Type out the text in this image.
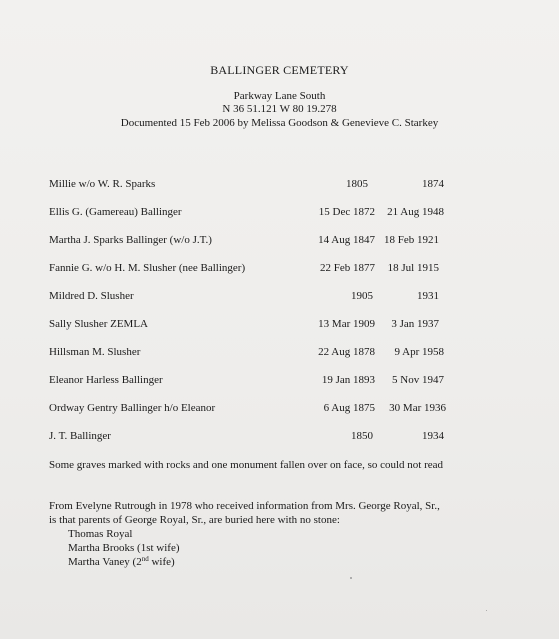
BALLINGER CEMETERY
Parkway Lane South
N 36 51.121 W 80 19.278
Documented 15 Feb 2006 by Melissa Goodson & Genevieve C. Starkey
Millie w/o W. R. Sparks	1805	1874
Ellis G. (Gamereau) Ballinger	15 Dec 1872 21 Aug 1948
Martha J. Sparks Ballinger (w/o J.T.)	14 Aug 1847 18 Feb 1921
Fannie G. w/o H. M. Slusher (nee Ballinger)	22 Feb 1877 18 Jul 1915
Mildred D. Slusher	1905	1931
Sally Slusher ZEMLA	13 Mar 1909 3 Jan 1937
Hillsman M. Slusher	22 Aug 1878 9 Apr 1958
Eleanor Harless Ballinger	19 Jan 1893 5 Nov 1947
Ordway Gentry Ballinger h/o Eleanor	6 Aug 1875 30 Mar 1936
J. T. Ballinger	1850	1934
Some graves marked with rocks and one monument fallen over on face, so could not read
From Evelyne Rutrough in 1978 who received information from Mrs. George Royal, Sr.,
is that parents of George Royal, Sr., are buried here with no stone:
Thomas Royal
Martha Brooks (1st wife)
Martha Vaney (2nd wife)
